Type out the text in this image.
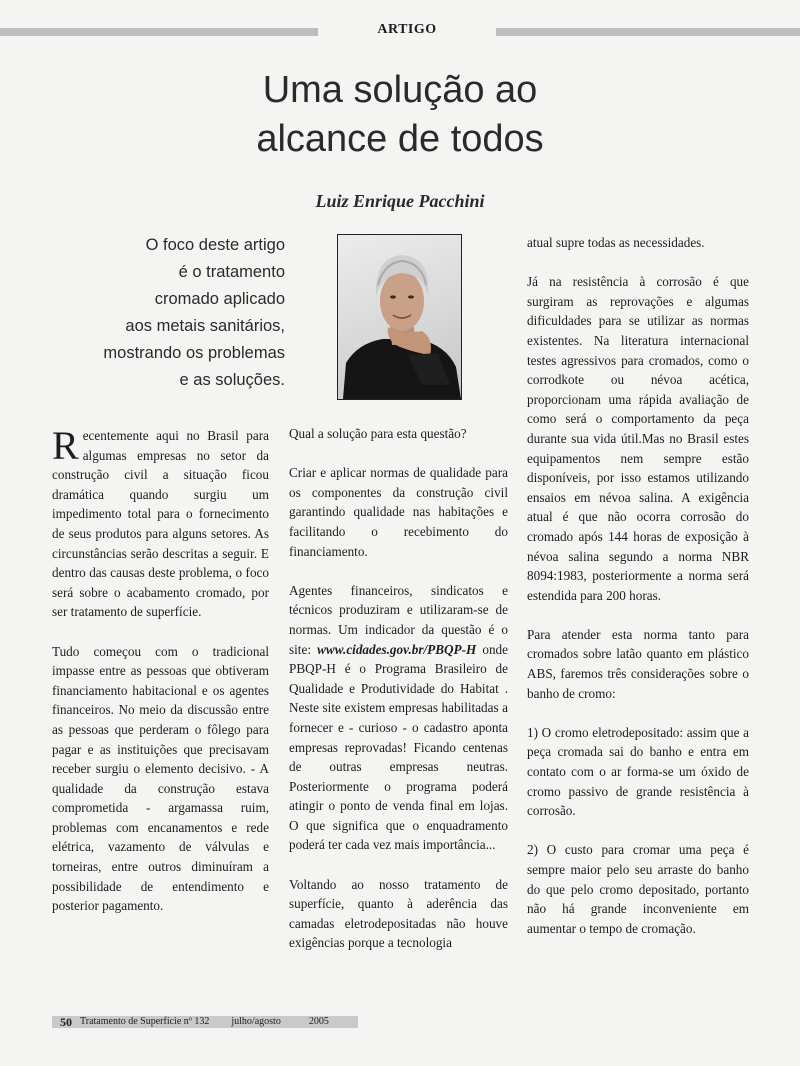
ARTIGO
Uma solução ao
alcance de todos
Luiz Enrique Pacchini
O foco deste artigo
é o tratamento
cromado aplicado
aos metais sanitários,
mostrando os problemas
e as soluções.

Recentemente aqui no Brasil para algumas empresas no setor da construção civil a situação ficou dramática quando surgiu um impedimento total para o fornecimento de seus produtos para alguns setores. As circunstâncias serão descritas a seguir. E dentro das causas deste problema, o foco será sobre o acabamento cromado, por ser tratamento de superfície.

Tudo começou com o tradicional impasse entre as pessoas que obtiveram financiamento habitacional e os agentes financeiros. No meio da discussão entre as pessoas que perderam o fôlego para pagar e as instituições que precisavam receber surgiu o elemento decisivo. - A qualidade da construção estava comprometida - argamassa ruim, problemas com encanamentos e rede elétrica, vazamento de válvulas e torneiras, entre outros diminuíram a possibilidade de entendimento e posterior pagamento.

Qual a solução para esta questão?

Criar e aplicar normas de qualidade para os componentes da construção civil garantindo qualidade nas habitações e facilitando o recebimento do financiamento.

Agentes financeiros, sindicatos e técnicos produziram e utilizaram-se de normas. Um indicador da questão é o site: www.cidades.gov.br/PBQP-H onde PBQP-H é o Programa Brasileiro de Qualidade e Produtividade do Habitat . Neste site existem empresas habilitadas a fornecer e - curioso - o cadastro aponta empresas reprovadas! Ficando centenas de outras empresas neutras. Posteriormente o programa poderá atingir o ponto de venda final em lojas. O que significa que o enquadramento poderá ter cada vez mais importância...

Voltando ao nosso tratamento de superfície, quanto à aderência das camadas eletrodepositadas não houve exigências porque a tecnologia

atual supre todas as necessidades.

Já na resistência à corrosão é que surgiram as reprovações e algumas dificuldades para se utilizar as normas existentes. Na literatura internacional testes agressivos para cromados, como o corrodkote ou névoa acética, proporcionam uma rápida avaliação de como será o comportamento da peça durante sua vida útil.Mas no Brasil estes equipamentos nem sempre estão disponíveis, por isso estamos utilizando ensaios em névoa salina. A exigência atual é que não ocorra corrosão do cromado após 144 horas de exposição à névoa salina segundo a norma NBR 8094:1983, posteriormente a norma será estendida para 200 horas.

Para atender esta norma tanto para cromados sobre latão quanto em plástico ABS, faremos três considerações sobre o banho de cromo:

1) O cromo eletrodepositado: assim que a peça cromada sai do banho e entra em contato com o ar forma-se um óxido de cromo passivo de grande resistência à corrosão.

2) O custo para cromar uma peça é sempre maior pelo seu arraste do banho do que pelo cromo depositado, portanto não há grande inconveniente em aumentar o tempo de cromação.

50 Tratamento de Superfície nº 132 julho/agosto	2005
